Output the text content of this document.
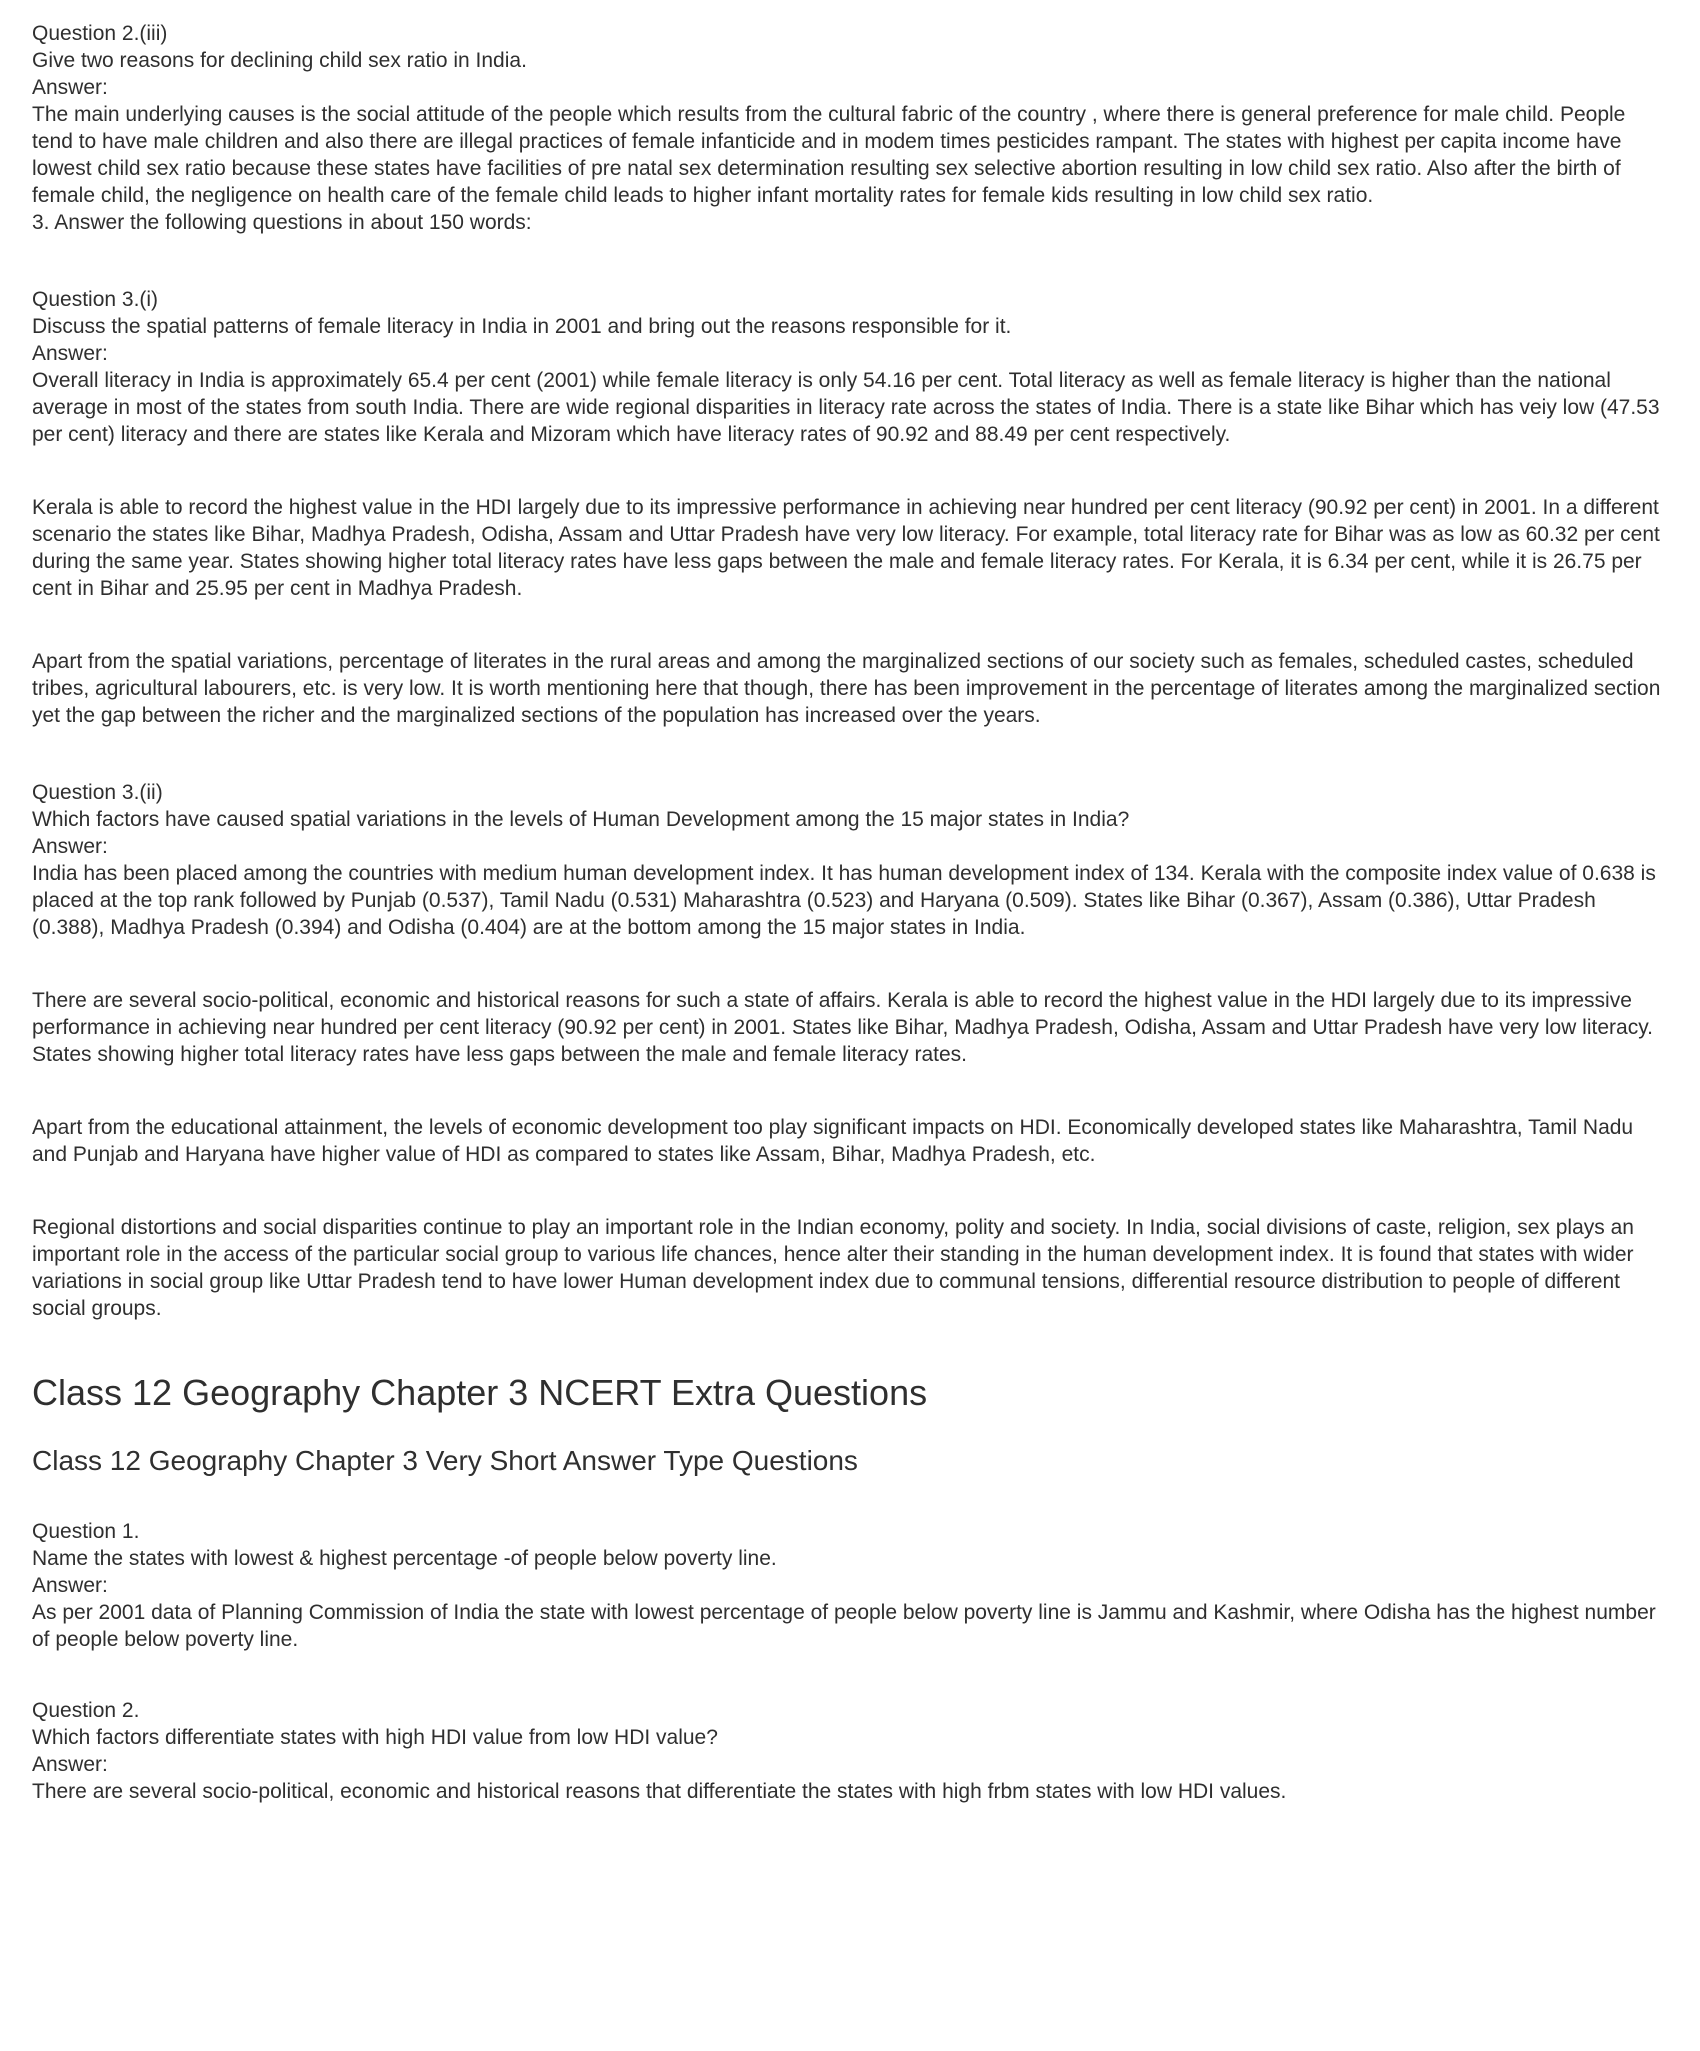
Question 2.(iii)

Give two reasons for declining child sex ratio in India.

Answer:

The main underlying causes is the social attitude of the people which results from the cultural fabric of the country , where there is general preference for male child. People tend to have male children and also there are illegal practices of female infanticide and in modem times pesticides rampant. The states with highest per capita income have lowest child sex ratio because these states have facilities of pre natal sex determination resulting sex selective abortion resulting in low child sex ratio. Also after the birth of female child, the negligence on health care of the female child leads to higher infant mortality rates for female kids resulting in low child sex ratio.

3. Answer the following questions in about 150 words:

Question 3.(i)

Discuss the spatial patterns of female literacy in India in 2001 and bring out the reasons responsible for it.

Answer:

Overall literacy in India is approximately 65.4 per cent (2001) while female literacy is only 54.16 per cent. Total literacy as well as female literacy is higher than the national average in most of the states from south India. There are wide regional disparities in literacy rate across the states of India. There is a state like Bihar which has veiy low (47.53 per cent) literacy and there are states like Kerala and Mizoram which have literacy rates of 90.92 and 88.49 per cent respectively.

Kerala is able to record the highest value in the HDI largely due to its impressive performance in achieving near hundred per cent literacy (90.92 per cent) in 2001. In a different scenario the states like Bihar, Madhya Pradesh, Odisha, Assam and Uttar Pradesh have very low literacy. For example, total literacy rate for Bihar was as low as 60.32 per cent during the same year. States showing higher total literacy rates have less gaps between the male and female literacy rates. For Kerala, it is 6.34 per cent, while it is 26.75 per cent in Bihar and 25.95 per cent in Madhya Pradesh.

Apart from the spatial variations, percentage of literates in the rural areas and among the marginalized sections of our society such as females, scheduled castes, scheduled tribes, agricultural labourers, etc. is very low. It is worth mentioning here that though, there has been improvement in the percentage of literates among the marginalized section yet the gap between the richer and the marginalized sections of the population has increased over the years.

Question 3.(ii)

Which factors have caused spatial variations in the levels of Human Development among the 15 major states in India?

Answer:

India has been placed among the countries with medium human development index. It has human development index of 134. Kerala with the composite index value of 0.638 is placed at the top rank followed by Punjab (0.537), Tamil Nadu (0.531) Maharashtra (0.523) and Haryana (0.509). States like Bihar (0.367), Assam (0.386), Uttar Pradesh (0.388), Madhya Pradesh (0.394) and Odisha (0.404) are at the bottom among the 15 major states in India.

There are several socio-political, economic and historical reasons for such a state of affairs. Kerala is able to record the highest value in the HDI largely due to its impressive performance in achieving near hundred per cent literacy (90.92 per cent) in 2001. States like Bihar, Madhya Pradesh, Odisha, Assam and Uttar Pradesh have very low literacy. States showing higher total literacy rates have less gaps between the male and female literacy rates.

Apart from the educational attainment, the levels of economic development too play significant impacts on HDI. Economically developed states like Maharashtra, Tamil Nadu and Punjab and Haryana have higher value of HDI as compared to states like Assam, Bihar, Madhya Pradesh, etc.

Regional distortions and social disparities continue to play an important role in the Indian economy, polity and society. In India, social divisions of caste, religion, sex plays an important role in the access of the particular social group to various life chances, hence alter their standing in the human development index. It is found that states with wider variations in social group like Uttar Pradesh tend to have lower Human development index due to communal tensions, differential resource distribution to people of different social groups.

Class 12 Geography Chapter 3 NCERT Extra Questions
Class 12 Geography Chapter 3 Very Short Answer Type Questions

Question 1.

Name the states with lowest & highest percentage -of people below poverty line.

Answer:

As per 2001 data of Planning Commission of India the state with lowest percentage of people below poverty line is Jammu and Kashmir, where Odisha has the highest number of people below poverty line.

Question 2.

Which factors differentiate states with high HDI value from low HDI value?

Answer:

There are several socio-political, economic and historical reasons that differentiate the states with high frbm states with low HDI values.
